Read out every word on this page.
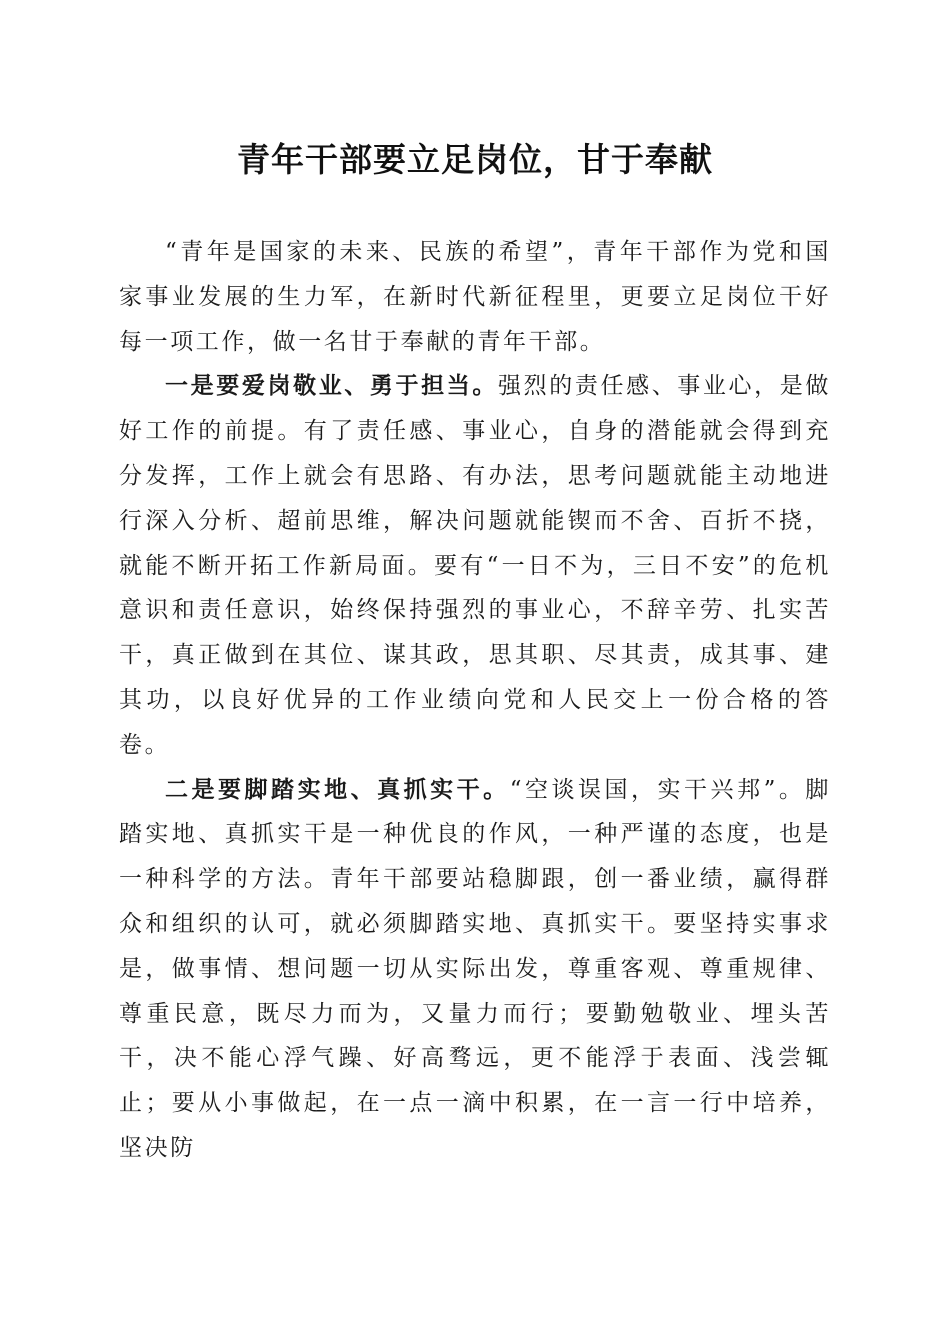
青年干部要立足岗位，甘于奉献

“青年是国家的未来、民族的希望”，青年干部作为党和国家事业发展的生力军，在新时代新征程里，更要立足岗位干好每一项工作，做一名甘于奉献的青年干部。

一是要爱岗敬业、勇于担当。强烈的责任感、事业心，是做好工作的前提。有了责任感、事业心，自身的潜能就会得到充分发挥，工作上就会有思路、有办法，思考问题就能主动地进行深入分析、超前思维，解决问题就能锲而不舍、百折不挠，就能不断开拓工作新局面。要有“一日不为，三日不安”的危机意识和责任意识，始终保持强烈的事业心，不辞辛劳、扎实苦干，真正做到在其位、谋其政，思其职、尽其责，成其事、建其功，以良好优异的工作业绩向党和人民交上一份合格的答卷。

二是要脚踏实地、真抓实干。“空谈误国，实干兴邦”。脚踏实地、真抓实干是一种优良的作风，一种严谨的态度，也是一种科学的方法。青年干部要站稳脚跟，创一番业绩，赢得群众和组织的认可，就必须脚踏实地、真抓实干。要坚持实事求是，做事情、想问题一切从实际出发，尊重客观、尊重规律、尊重民意，既尽力而为，又量力而行；要勤勉敬业、埋头苦干，决不能心浮气躁、好高骛远，更不能浮于表面、浅尝辄止；要从小事做起，在一点一滴中积累，在一言一行中培养，坚决防
